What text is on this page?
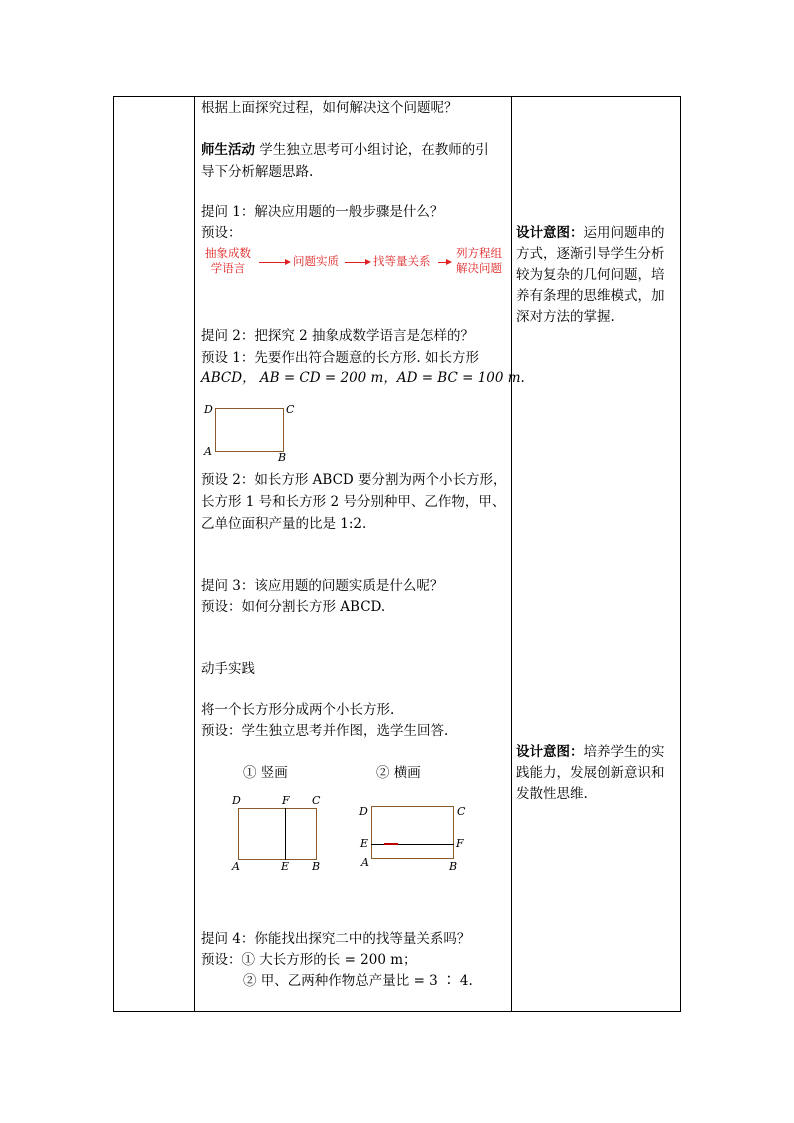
根据上面探究过程，如何解决这个问题呢？
师生活动 学生独立思考可小组讨论，在教师的引
导下分析解题思路.
提问 1：解决应用题的一般步骤是什么？
预设：
抽象成数
学语言	问题实质	找等量关系
列方程组
解决问题
提问 2：把探究 2 抽象成数学语言是怎样的？
预设 1：先要作出符合题意的长方形. 如长方形
ABCD， AB = CD = 200 m，AD = BC = 100 m.
D	C
A	B
预设 2：如长方形 ABCD 要分割为两个小长方形，
长方形 1 号和长方形 2 号分别种甲、乙作物，甲、
乙单位面积产量的比是 1:2.
提问 3：该应用题的问题实质是什么呢？
预设：如何分割长方形 ABCD.
动手实践
将一个长方形分成两个小长方形.
预设：学生独立思考并作图，选学生回答.
① 竖画	② 横画
D	F C
A	E B
D	C
E	F
A	B
提问 4：你能找出探究二中的找等量关系吗？
预设：① 大长方形的长 = 200 m；
② 甲、乙两种作物总产量比 = 3 ∶ 4.
设计意图：运用问题串的
方式，逐渐引导学生分析
较为复杂的几何问题，培
养有条理的思维模式，加
深对方法的掌握.
设计意图：培养学生的实
践能力，发展创新意识和
发散性思维.
